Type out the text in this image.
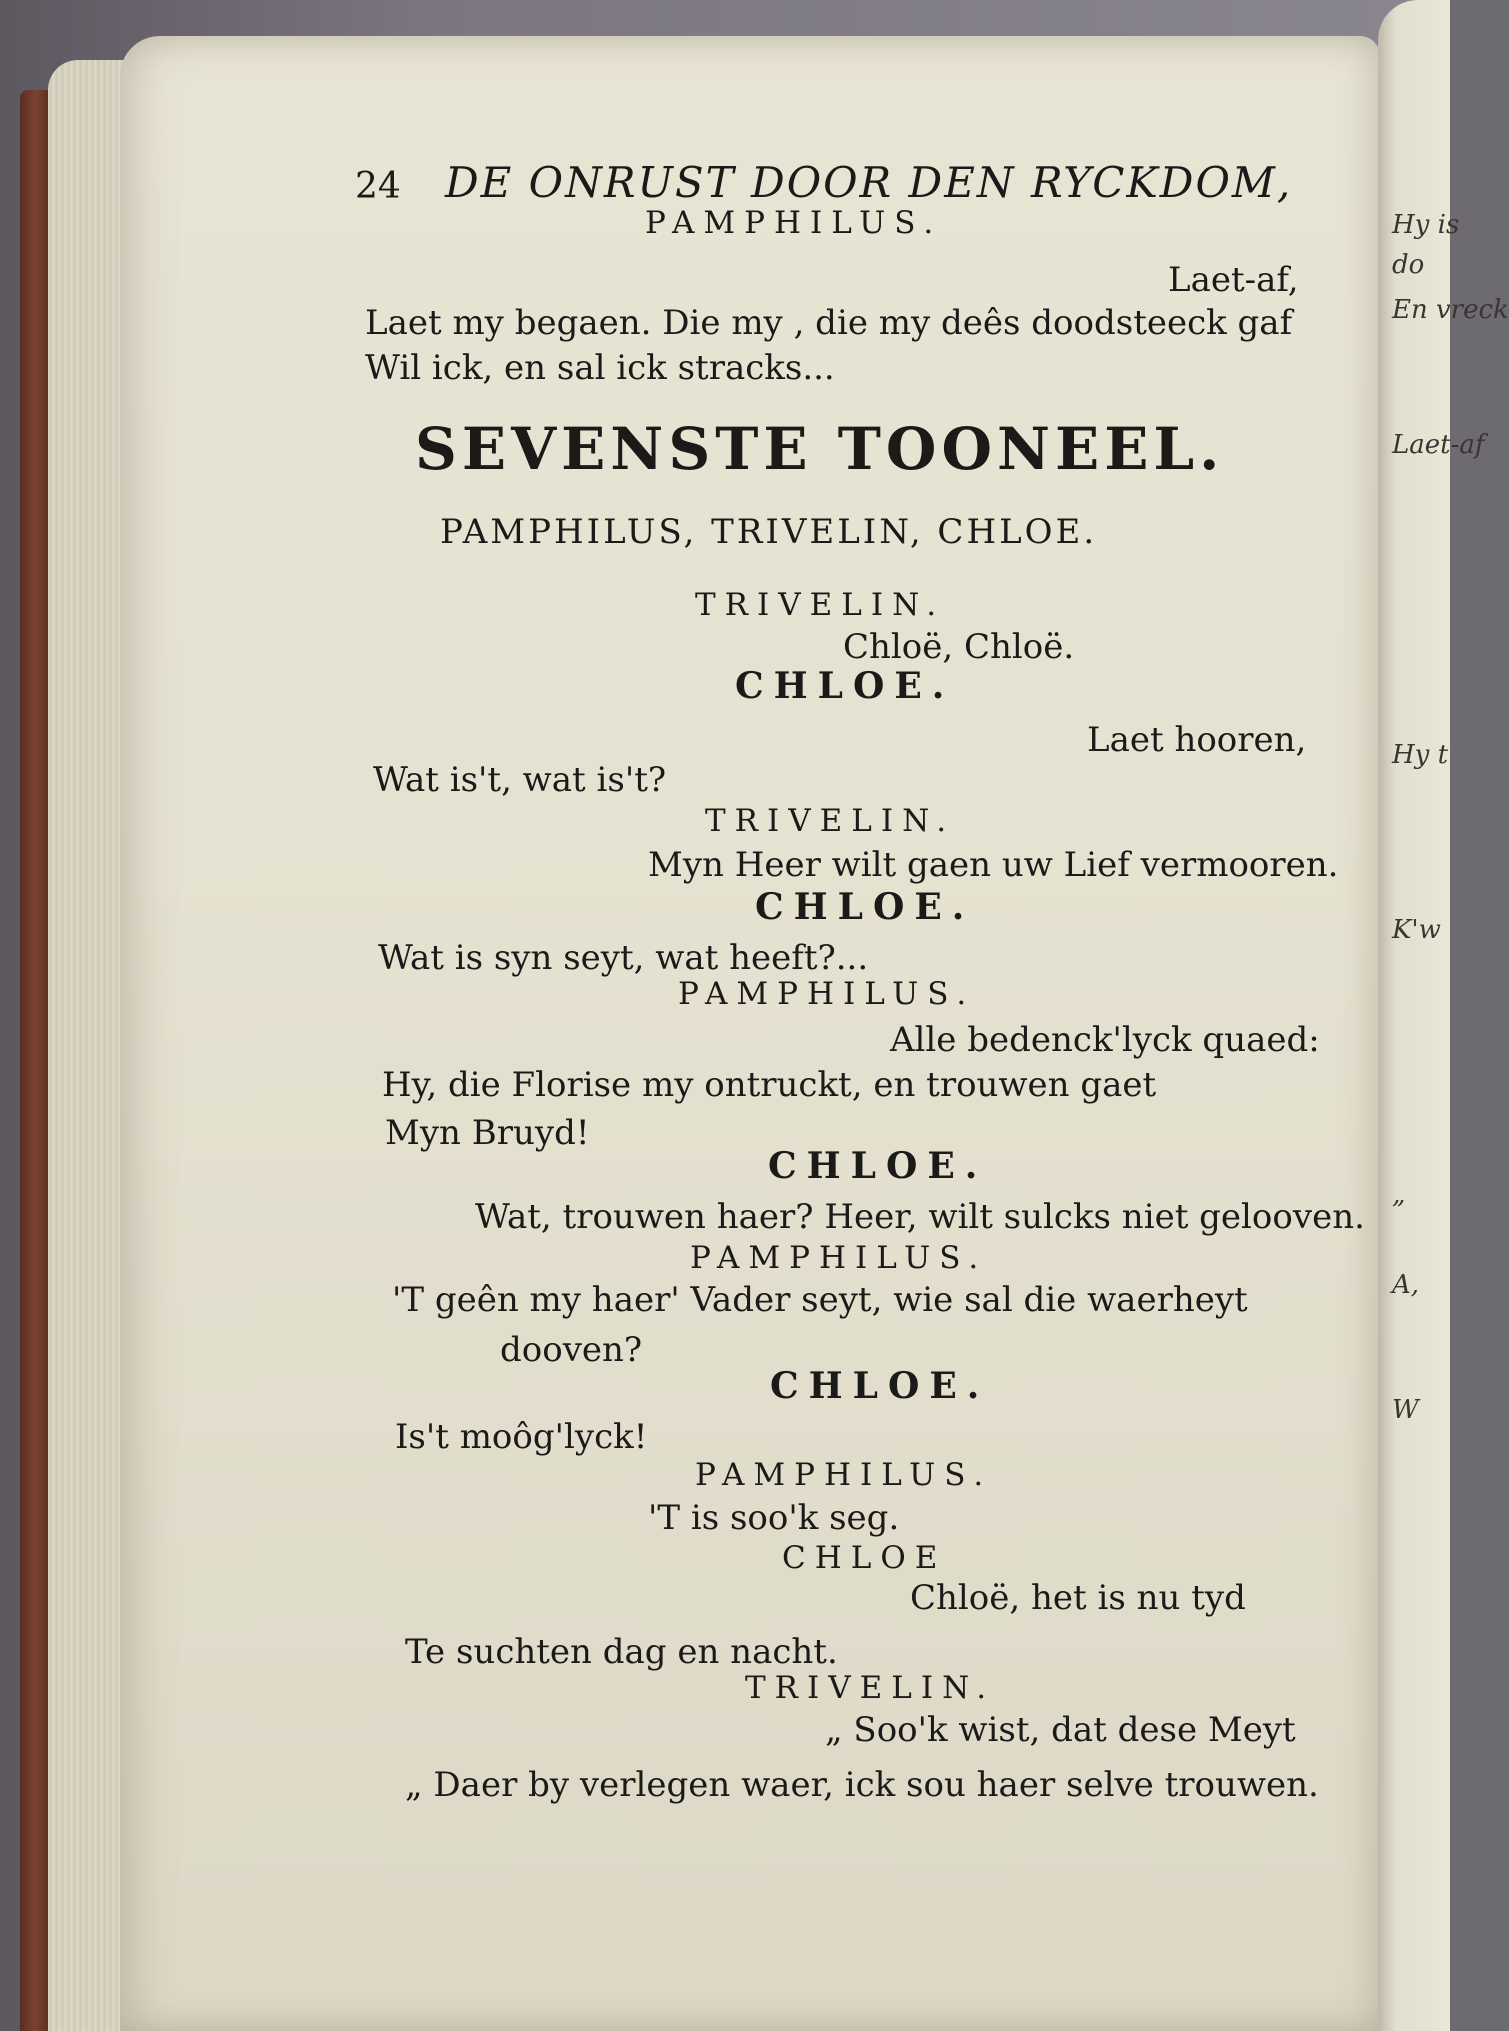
Hy is
do
En vreck
Laet-af
Hy t
K'w
„
A,
W
24 DE ONRUST DOOR DEN RYCKDOM,
PAMPHILUS.
Laet-af,
Laet my begaen. Die my , die my deês doodsteeck gaf
Wil ick, en sal ick stracks...
SEVENSTE TOONEEL.
PAMPHILUS, TRIVELIN, CHLOE.
TRIVELIN.
Chloë, Chloë.
CHLOE.
Laet hooren,
Wat is't, wat is't?
TRIVELIN.
Myn Heer wilt gaen uw Lief vermooren.
CHLOE.
Wat is syn seyt, wat heeft?...
PAMPHILUS.
Alle bedenck'lyck quaed:
Hy, die Florise my ontruckt, en trouwen gaet
Myn Bruyd!
CHLOE.
Wat, trouwen haer? Heer, wilt sulcks niet gelooven.
PAMPHILUS.
'T geên my haer' Vader seyt, wie sal die waerheyt
dooven?
CHLOE.
Is't moôg'lyck!
PAMPHILUS.
'T is soo'k seg.
CHLOE
Chloë, het is nu tyd
Te suchten dag en nacht.
TRIVELIN.
„ Soo'k wist, dat dese Meyt
„ Daer by verlegen waer, ick sou haer selve trouwen.
